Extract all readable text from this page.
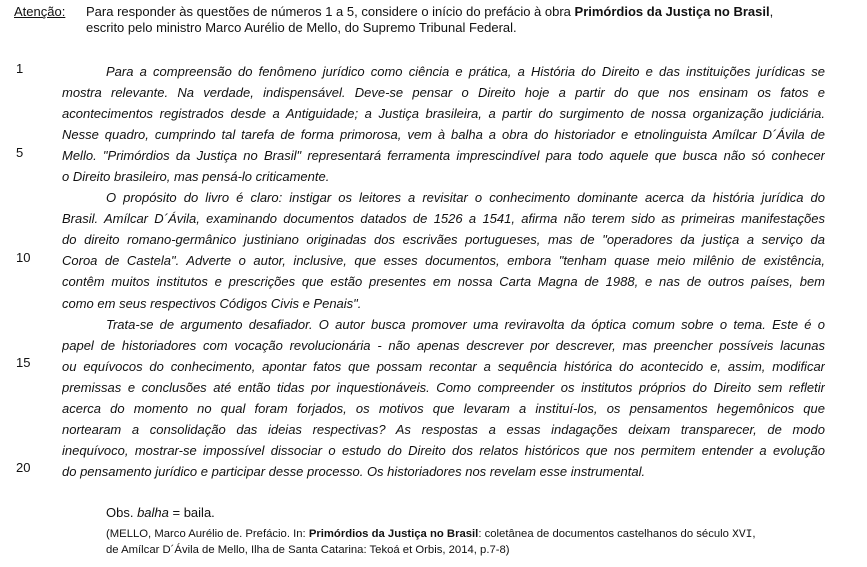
Atenção: Para responder às questões de números 1 a 5, considere o início do prefácio à obra Primórdios da Justiça no Brasil,
escrito pelo ministro Marco Aurélio de Mello, do Supremo Tribunal Federal.
1
5
10
15
20
Para a compreensão do fenômeno jurídico como ciência e prática, a História do Direito e das instituições jurídicas se
mostra relevante. Na verdade, indispensável. Deve-se pensar o Direito hoje a partir do que nos ensinam os fatos e
acontecimentos registrados desde a Antiguidade; a Justiça brasileira, a partir do surgimento de nossa organização judiciária.
Nesse quadro, cumprindo tal tarefa de forma primorosa, vem à balha a obra do historiador e etnolinguista Amílcar D´Ávila de
Mello. "Primórdios da Justiça no Brasil" representará ferramenta imprescindível para todo aquele que busca não só conhecer
o Direito brasileiro, mas pensá-lo criticamente.
O propósito do livro é claro: instigar os leitores a revisitar o conhecimento dominante acerca da história jurídica do
Brasil. Amílcar D´Ávila, examinando documentos datados de 1526 a 1541, afirma não terem sido as primeiras manifestações
do direito romano-germânico justiniano originadas dos escrivães portugueses, mas de "operadores da justiça a serviço da
Coroa de Castela". Adverte o autor, inclusive, que esses documentos, embora "tenham quase meio milênio de existência,
contêm muitos institutos e prescrições que estão presentes em nossa Carta Magna de 1988, e nas de outros países, bem
como em seus respectivos Códigos Civis e Penais".
Trata-se de argumento desafiador. O autor busca promover uma reviravolta da óptica comum sobre o tema. Este é o
papel de historiadores com vocação revolucionária - não apenas descrever por descrever, mas preencher possíveis lacunas
ou equívocos do conhecimento, apontar fatos que possam recontar a sequência histórica do acontecido e, assim, modificar
premissas e conclusões até então tidas por inquestionáveis. Como compreender os institutos próprios do Direito sem refletir
acerca do momento no qual foram forjados, os motivos que levaram a instituí-los, os pensamentos hegemônicos que
nortearam a consolidação das ideias respectivas? As respostas a essas indagações deixam transparecer, de modo
inequívoco, mostrar-se impossível dissociar o estudo do Direito dos relatos históricos que nos permitem entender a evolução
do pensamento jurídico e participar desse processo. Os historiadores nos revelam esse instrumental.
Obs. balha = baila.
(MELLO, Marco Aurélio de. Prefácio. In: Primórdios da Justiça no Brasil: coletânea de documentos castelhanos do século XVI,
de Amílcar D´Ávila de Mello, Ilha de Santa Catarina: Tekoá et Orbis, 2014, p.7-8)
